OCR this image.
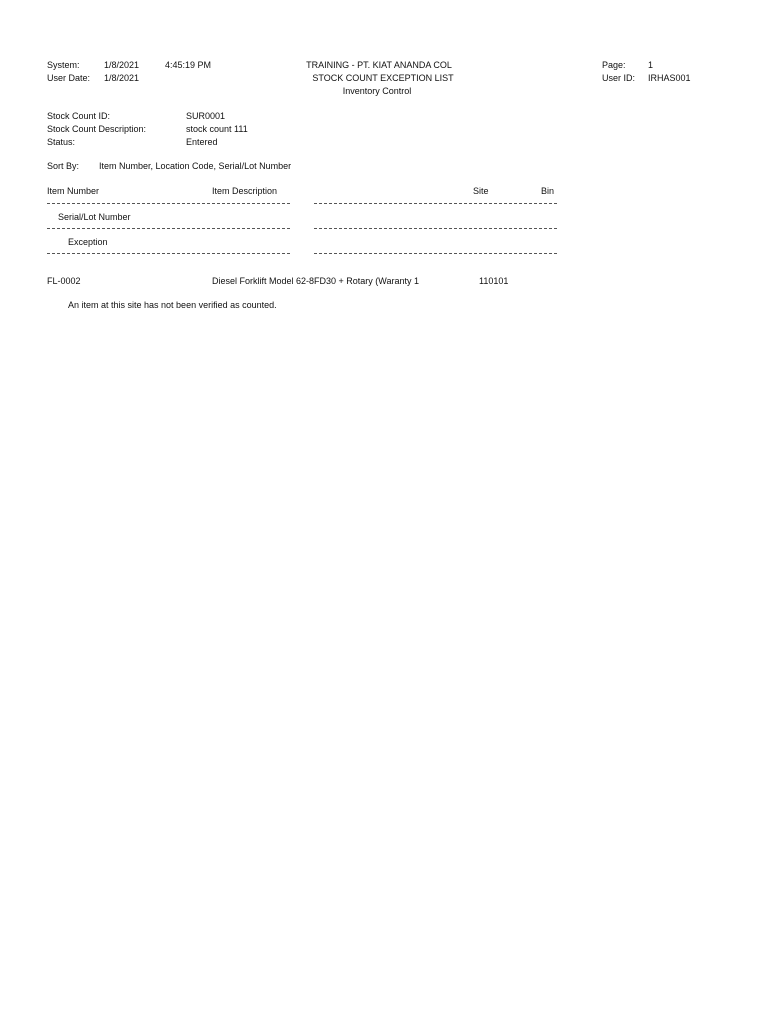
System:	1/8/2021	4:45:19 PM
User Date: 1/8/2021
TRAINING - PT. KIAT ANANDA COL
STOCK COUNT EXCEPTION LIST
Inventory Control
Page: 1
User ID: IRHAS001
Stock Count ID:	SUR0001
Stock Count Description:	stock count 111
Status:	Entered
Sort By: Item Number, Location Code, Serial/Lot Number
Item Number	Item Description	Site	Bin
Serial/Lot Number
Exception
FL-0002	Diesel Forklift Model 62-8FD30 + Rotary (Waranty 1	110101
An item at this site has not been verified as counted.
